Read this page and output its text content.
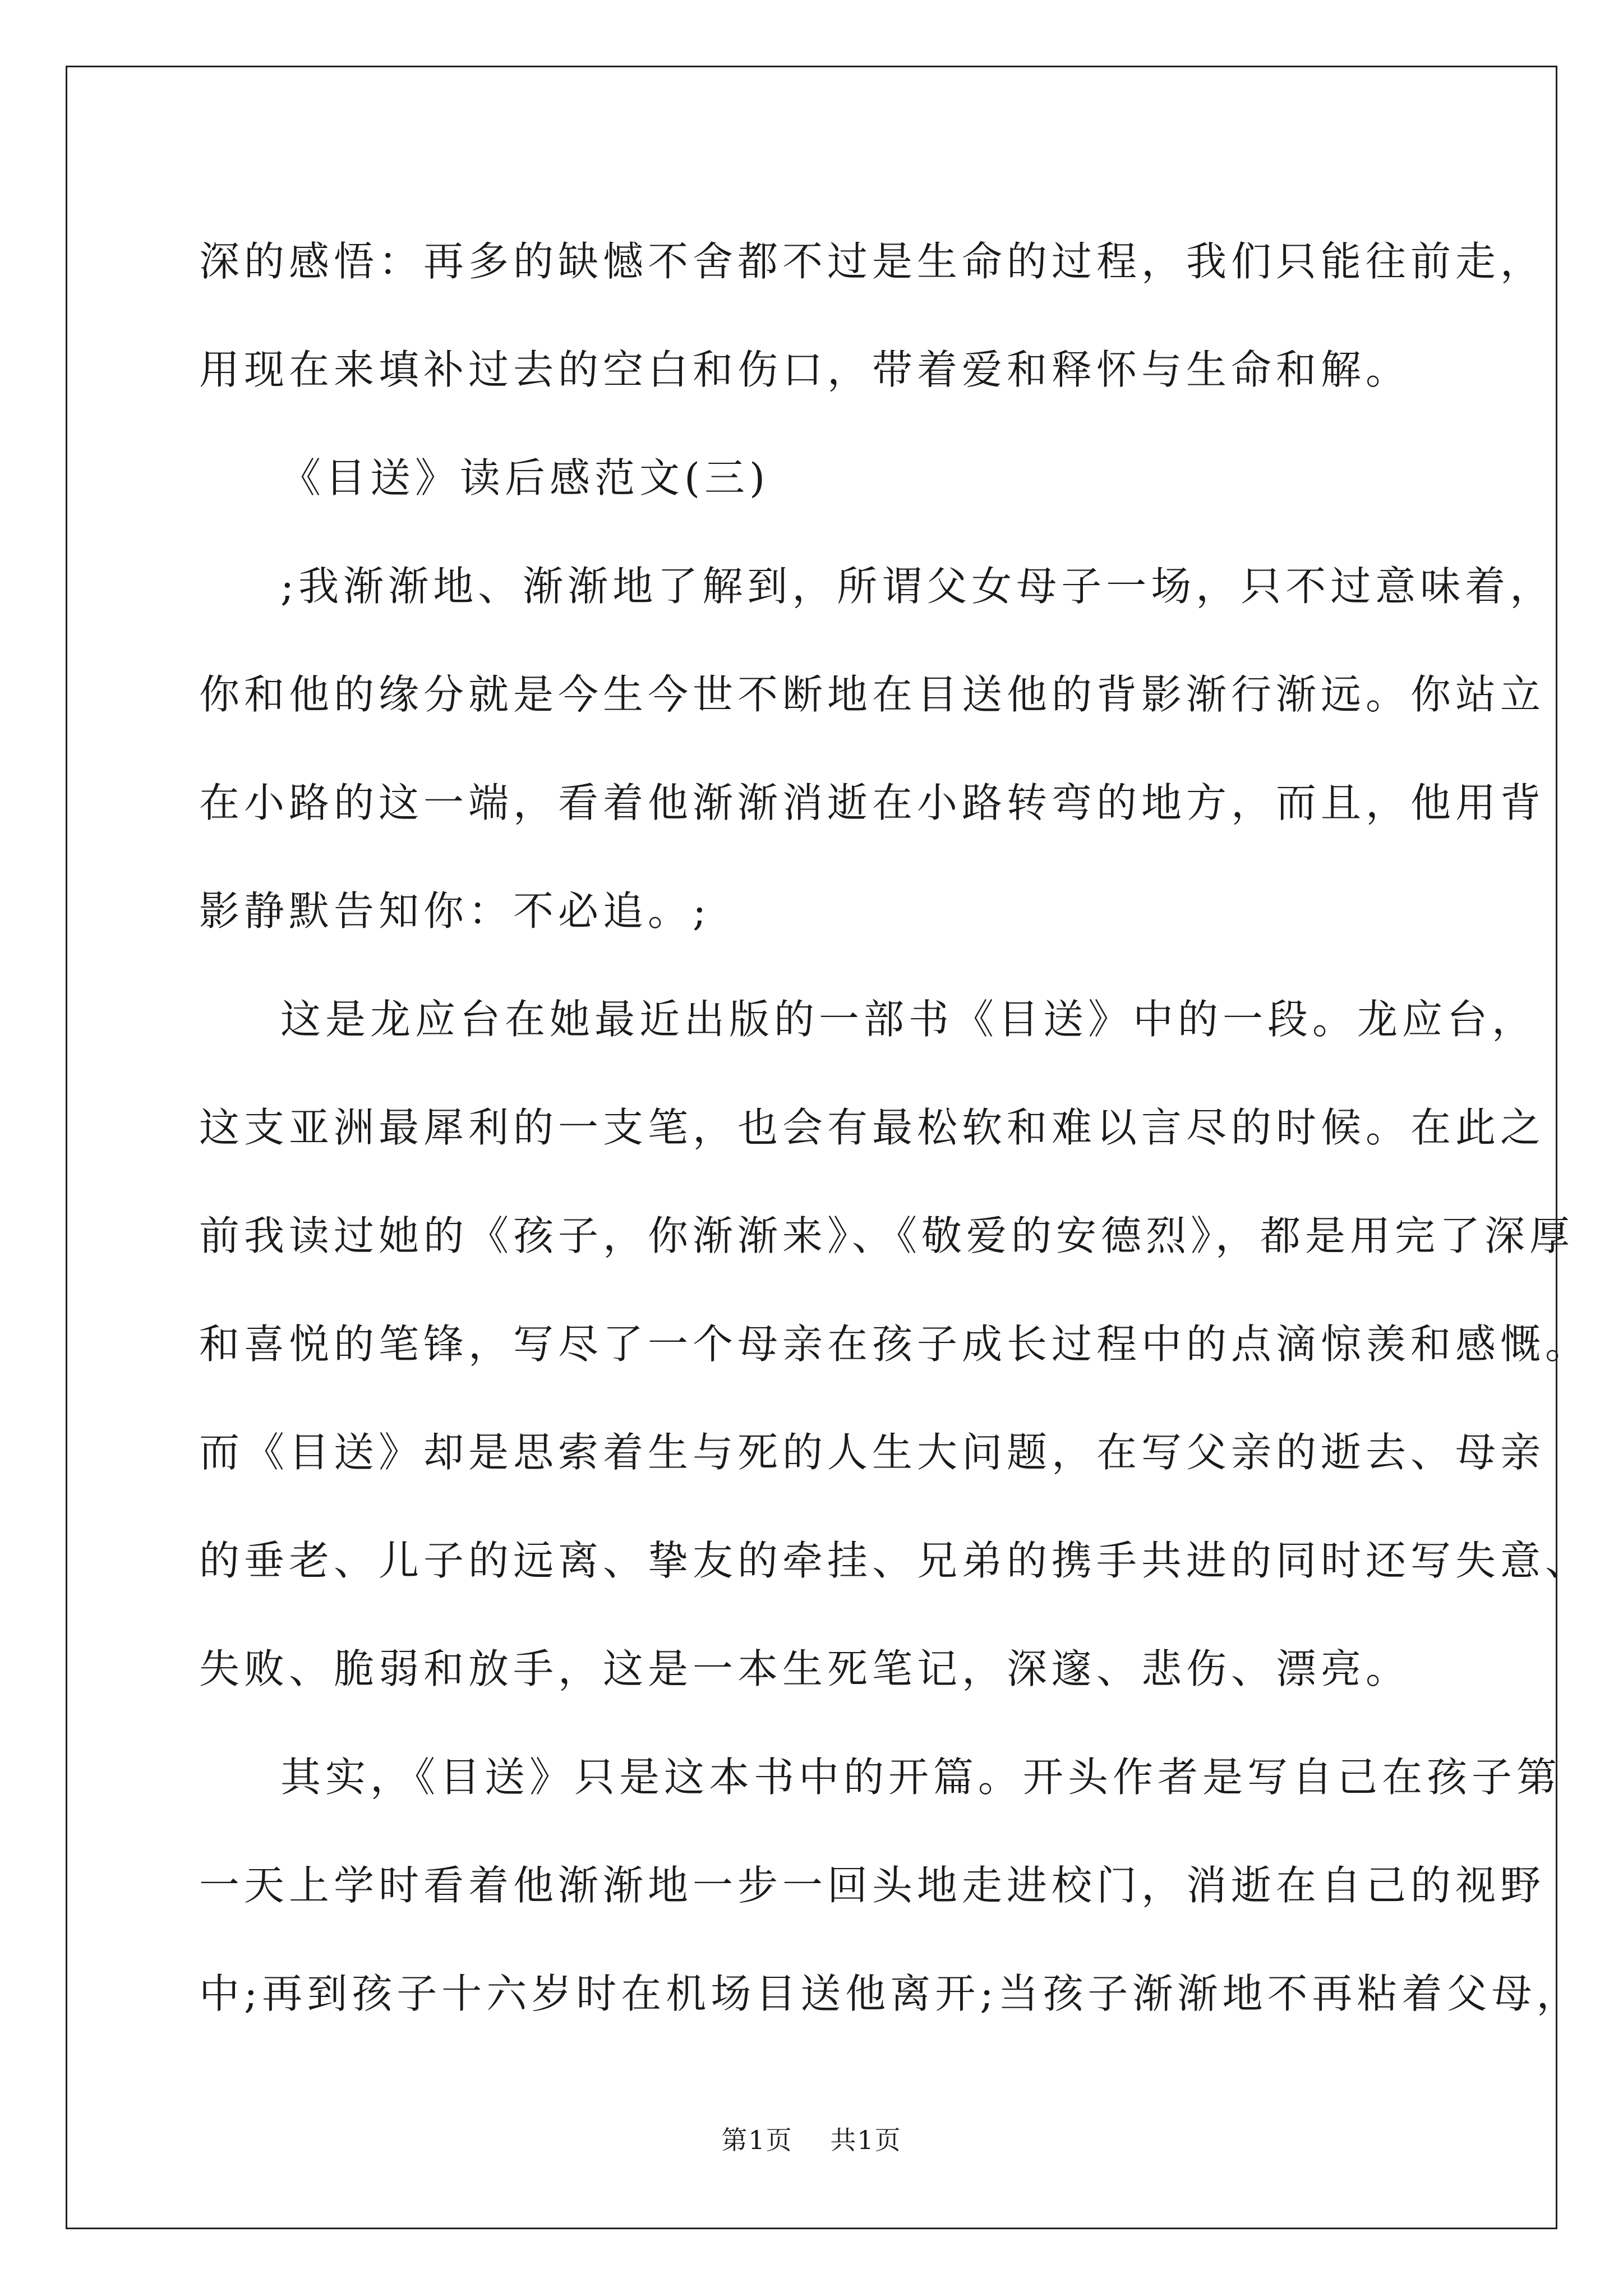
深的感悟：再多的缺憾不舍都不过是生命的过程，我们只能往前走，
用现在来填补过去的空白和伤口，带着爱和释怀与生命和解。
《目送》读后感范文(三)
;我渐渐地、渐渐地了解到，所谓父女母子一场，只不过意味着，
你和他的缘分就是今生今世不断地在目送他的背影渐行渐远。你站立
在小路的这一端，看着他渐渐消逝在小路转弯的地方，而且，他用背
影静默告知你：不必追。;
这是龙应台在她最近出版的一部书《目送》中的一段。龙应台，
这支亚洲最犀利的一支笔，也会有最松软和难以言尽的时候。在此之
前我读过她的《孩子，你渐渐来》、《敬爱的安德烈》，都是用完了深厚
和喜悦的笔锋，写尽了一个母亲在孩子成长过程中的点滴惊羡和感慨。
而《目送》却是思索着生与死的人生大问题，在写父亲的逝去、母亲
的垂老、儿子的远离、挚友的牵挂、兄弟的携手共进的同时还写失意、
失败、脆弱和放手，这是一本生死笔记，深邃、悲伤、漂亮。
其实，《目送》只是这本书中的开篇。开头作者是写自己在孩子第
一天上学时看着他渐渐地一步一回头地走进校门，消逝在自己的视野
中;再到孩子十六岁时在机场目送他离开;当孩子渐渐地不再粘着父母，
第1页 共1页
